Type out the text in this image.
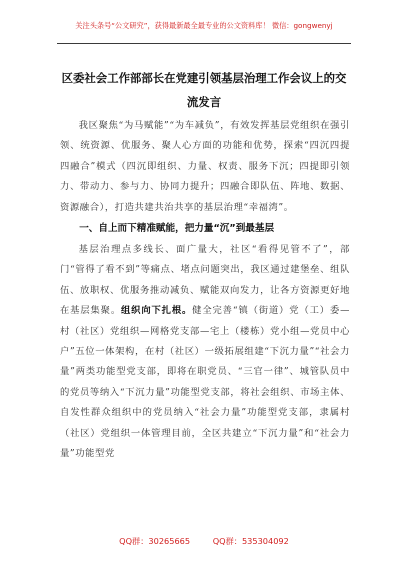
关注头条号“公文研究”，获得最新最全最专业的公文资料库！ 微信：gongwenyj
区委社会工作部部长在党建引领基层治理工作会议上的交流发言

我区聚焦“为马赋能”“为车减负”，有效发挥基层党组织在强引领、统资源、优服务、聚人心方面的功能和优势，探索“四沉四提四融合”模式（四沉即组织、力量、权责、服务下沉；四提即引领力、带动力、参与力、协同力提升；四融合即队伍、阵地、数据、资源融合），打造共建共治共享的基层治理“幸福湾”。

一、自上而下精准赋能，把力量“沉”到最基层

基层治理点多线长、面广量大，社区“看得见管不了”，部门“管得了看不到”等痛点、堵点问题突出，我区通过建堡垒、组队伍、放职权、优服务推动减负、赋能双向发力，让各方资源更好地在基层集聚。组织向下扎根。健全完善“镇（街道）党（工）委—村（社区）党组织—网格党支部—宅上（楼栋）党小组—党员中心户”五位一体架构，在村（社区）一级拓展组建“下沉力量”“社会力量”两类功能型党支部，即将在职党员、“三官一律”、城管队员中的党员等纳入“下沉力量”功能型党支部，将社会组织、市场主体、自发性群众组织中的党员纳入“社会力量”功能型党支部，隶属村（社区）党组织一体管理目前，全区共建立“下沉力量”和“社会力量”功能型党

QQ群：30265665	QQ群：535304092
